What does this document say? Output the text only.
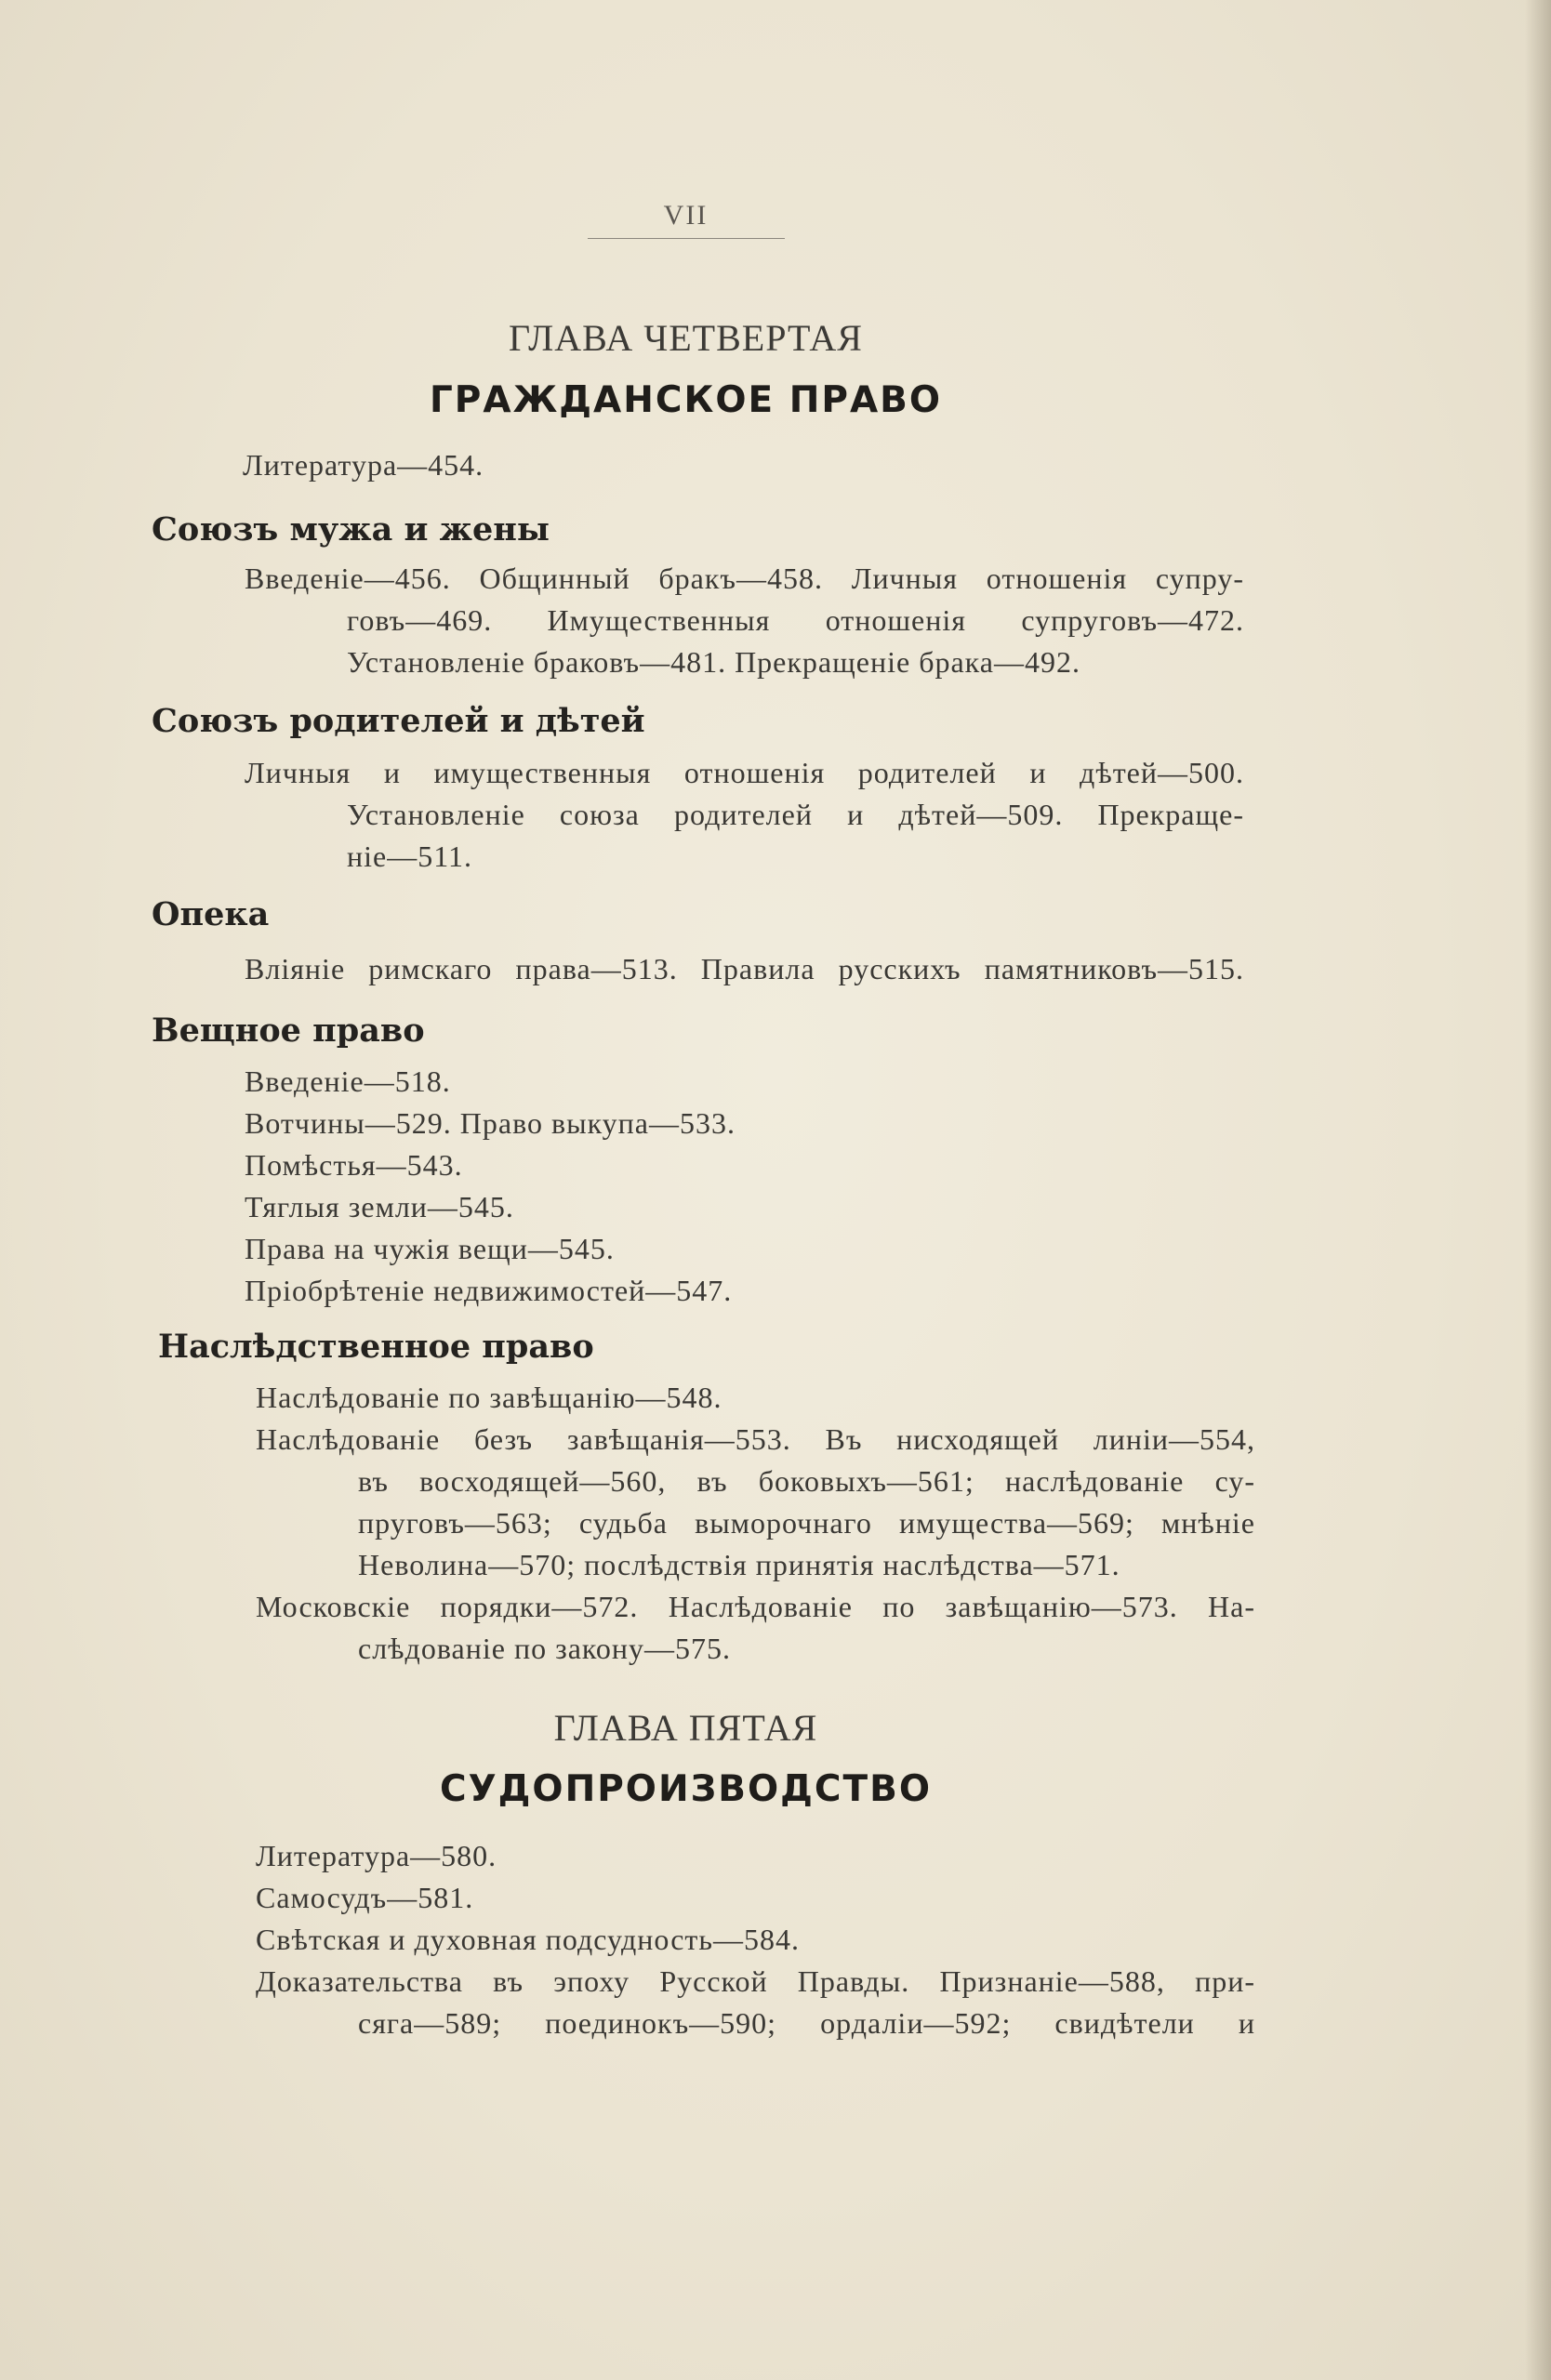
VII
ГЛАВА ЧЕТВЕРТАЯ
ГРАЖДАНСКОЕ ПРАВО
Литература—454.
Союзъ мужа и жены
Введеніе—456. Общинный бракъ—458. Личныя отношенія супру-
говъ—469. Имущественныя отношенія супруговъ—472.
Установленіе браковъ—481. Прекращеніе брака—492.
Союзъ родителей и дѣтей
Личныя и имущественныя отношенія родителей и дѣтей—500.
Установленіе союза родителей и дѣтей—509. Прекраще-
ніе—511.
Опека
Вліяніе римскаго права—513. Правила русскихъ памятниковъ—515.
Вещное право
Введеніе—518.
Вотчины—529. Право выкупа—533.
Помѣстья—543.
Тяглыя земли—545.
Права на чужія вещи—545.
Пріобрѣтеніе недвижимостей—547.
Наслѣдственное право
Наслѣдованіе по завѣщанію—548.
Наслѣдованіе безъ завѣщанія—553. Въ нисходящей линіи—554,
въ восходящей—560, въ боковыхъ—561; наслѣдованіе су-
пруговъ—563; судьба выморочнаго имущества—569; мнѣніе
Неволина—570; послѣдствія принятія наслѣдства—571.
Московскіе порядки—572. Наслѣдованіе по завѣщанію—573. На-
слѣдованіе по закону—575.
ГЛАВА ПЯТАЯ
СУДОПРОИЗВОДСТВО
Литература—580.
Самосудъ—581.
Свѣтская и духовная подсудность—584.
Доказательства въ эпоху Русской Правды. Признаніе—588, при-
сяга—589; поединокъ—590; ордаліи—592; свидѣтели и
